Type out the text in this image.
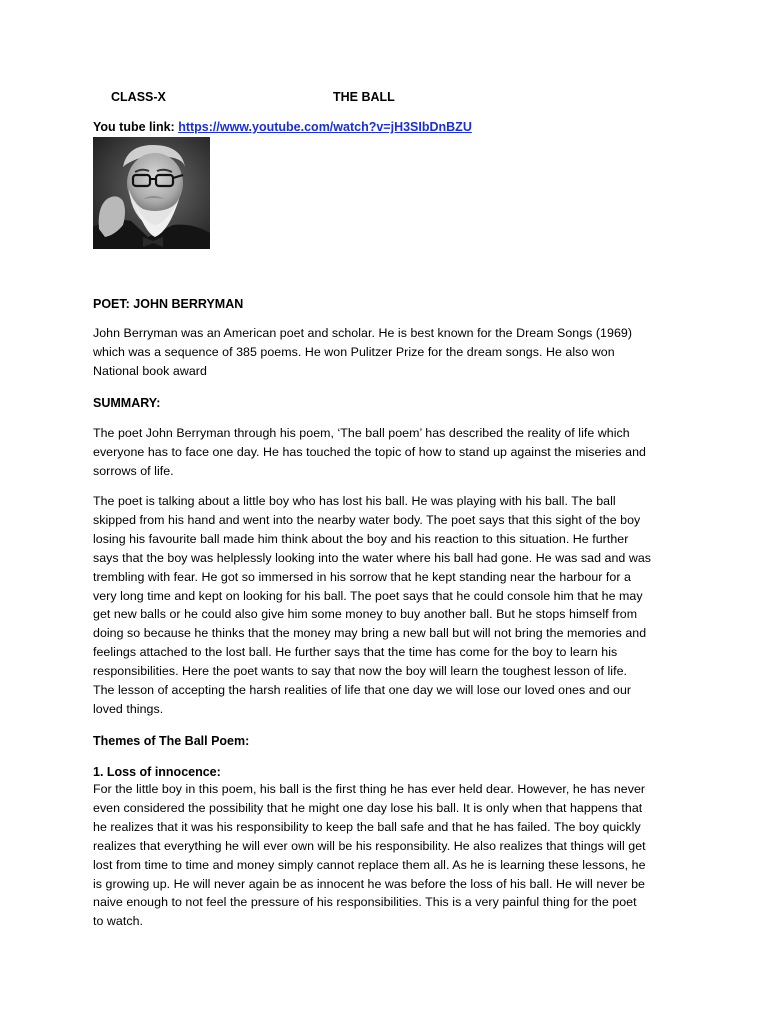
CLASS-X	THE BALL
You tube link: https://www.youtube.com/watch?v=jH3SIbDnBZU
POET: JOHN BERRYMAN
John Berryman was an American poet and scholar. He is best known for the Dream Songs (1969)
which was a sequence of 385 poems. He won Pulitzer Prize for the dream songs. He also won
National book award
SUMMARY:
The poet John Berryman through his poem, ‘The ball poem’ has described the reality of life which
everyone has to face one day. He has touched the topic of how to stand up against the miseries and
sorrows of life.
The poet is talking about a little boy who has lost his ball. He was playing with his ball. The ball
skipped from his hand and went into the nearby water body. The poet says that this sight of the boy
losing his favourite ball made him think about the boy and his reaction to this situation. He further
says that the boy was helplessly looking into the water where his ball had gone. He was sad and was
trembling with fear. He got so immersed in his sorrow that he kept standing near the harbour for a
very long time and kept on looking for his ball. The poet says that he could console him that he may
get new balls or he could also give him some money to buy another ball. But he stops himself from
doing so because he thinks that the money may bring a new ball but will not bring the memories and
feelings attached to the lost ball. He further says that the time has come for the boy to learn his
responsibilities. Here the poet wants to say that now the boy will learn the toughest lesson of life.
The lesson of accepting the harsh realities of life that one day we will lose our loved ones and our
loved things.
Themes of The Ball Poem:
1. Loss of innocence:
For the little boy in this poem, his ball is the first thing he has ever held dear. However, he has never
even considered the possibility that he might one day lose his ball. It is only when that happens that
he realizes that it was his responsibility to keep the ball safe and that he has failed. The boy quickly
realizes that everything he will ever own will be his responsibility. He also realizes that things will get
lost from time to time and money simply cannot replace them all. As he is learning these lessons, he
is growing up. He will never again be as innocent he was before the loss of his ball. He will never be
naive enough to not feel the pressure of his responsibilities. This is a very painful thing for the poet
to watch.
